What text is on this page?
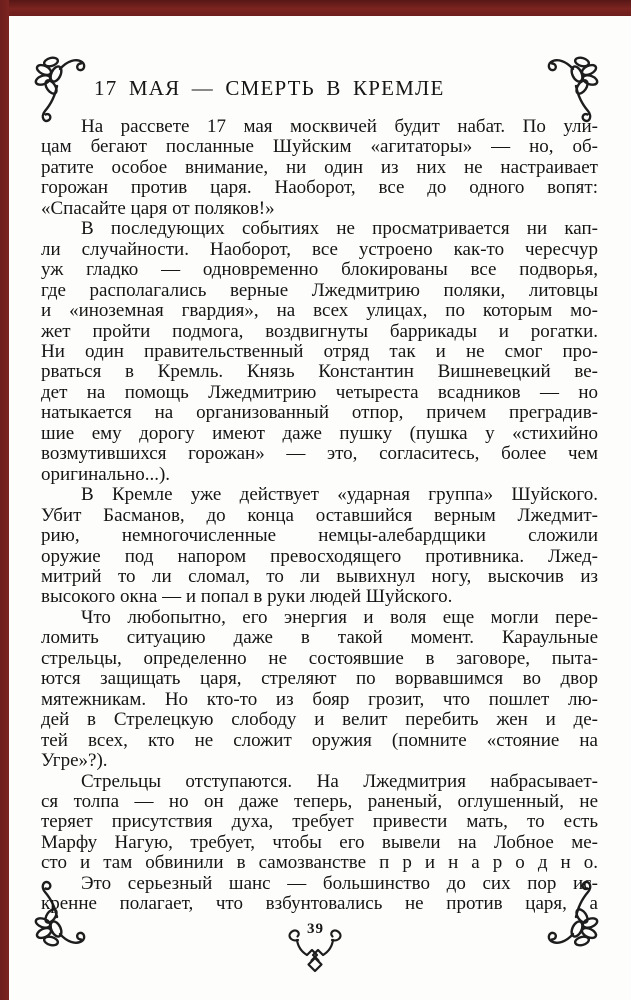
17 МАЯ — СМЕРТЬ В КРЕМЛЕ
На рассвете 17 мая москвичей будит набат. По ули-
цам бегают посланные Шуйским «агитаторы» — но, об-
ратите особое внимание, ни один из них не настраивает
горожан против царя. Наоборот, все до одного вопят:
«Спасайте царя от поляков!»
В последующих событиях не просматривается ни кап-
ли случайности. Наоборот, все устроено как-то чересчур
уж гладко — одновременно блокированы все подворья,
где располагались верные Лжедмитрию поляки, литовцы
и «иноземная гвардия», на всех улицах, по которым мо-
жет пройти подмога, воздвигнуты баррикады и рогатки.
Ни один правительственный отряд так и не смог про-
рваться в Кремль. Князь Константин Вишневецкий ве-
дет на помощь Лжедмитрию четыреста всадников — но
натыкается на организованный отпор, причем преградив-
шие ему дорогу имеют даже пушку (пушка у «стихийно
возмутившихся горожан» — это, согласитесь, более чем
оригинально...).
В Кремле уже действует «ударная группа» Шуйского.
Убит Басманов, до конца оставшийся верным Лжедмит-
рию, немногочисленные немцы-алебардщики сложили
оружие под напором превосходящего противника. Лжед-
митрий то ли сломал, то ли вывихнул ногу, выскочив из
высокого окна — и попал в руки людей Шуйского.
Что любопытно, его энергия и воля еще могли пере-
ломить ситуацию даже в такой момент. Караульные
стрельцы, определенно не состоявшие в заговоре, пыта-
ются защищать царя, стреляют по ворвавшимся во двор
мятежникам. Но кто-то из бояр грозит, что пошлет лю-
дей в Стрелецкую слободу и велит перебить жен и де-
тей всех, кто не сложит оружия (помните «стояние на
Угре»?).
Стрельцы отступаются. На Лжедмитрия набрасывает-
ся толпа — но он даже теперь, раненый, оглушенный, не
теряет присутствия духа, требует привести мать, то есть
Марфу Нагую, требует, чтобы его вывели на Лобное ме-
сто и там обвинили в самозванстве п р и н а р о д н о.
Это серьезный шанс — большинство до сих пор ис-
кренне полагает, что взбунтовались не против царя, а
39
